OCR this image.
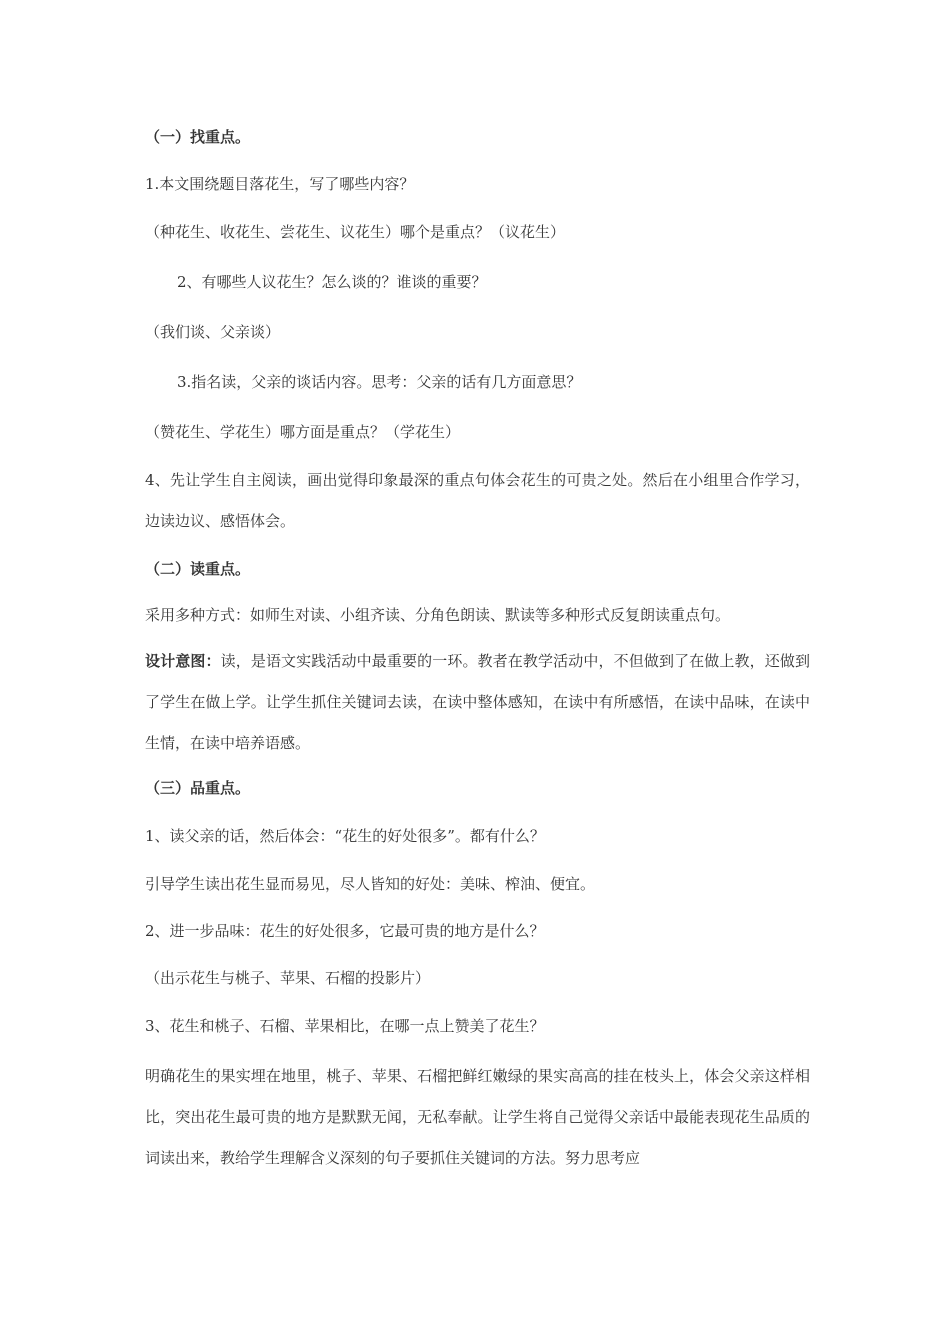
（一）找重点。
1.本文围绕题目落花生，写了哪些内容？
（种花生、收花生、尝花生、议花生）哪个是重点？（议花生）
2、有哪些人议花生？怎么谈的？谁谈的重要？
（我们谈、父亲谈）
3.指名读，父亲的谈话内容。思考：父亲的话有几方面意思？
（赞花生、学花生）哪方面是重点？（学花生）
4、先让学生自主阅读，画出觉得印象最深的重点句体会花生的可贵之处。然后在小组里合作学习，边读边议、感悟体会。
（二）读重点。
采用多种方式：如师生对读、小组齐读、分角色朗读、默读等多种形式反复朗读重点句。
设计意图：读，是语文实践活动中最重要的一环。教者在教学活动中，不但做到了在做上教，还做到了学生在做上学。让学生抓住关键词去读，在读中整体感知，在读中有所感悟，在读中品味，在读中生情，在读中培养语感。
（三）品重点。
1、读父亲的话，然后体会：“花生的好处很多”。都有什么？
引导学生读出花生显而易见，尽人皆知的好处：美味、榨油、便宜。
2、进一步品味：花生的好处很多，它最可贵的地方是什么？
（出示花生与桃子、苹果、石榴的投影片）
3、花生和桃子、石榴、苹果相比，在哪一点上赞美了花生？
明确花生的果实埋在地里，桃子、苹果、石榴把鲜红嫩绿的果实高高的挂在枝头上，体会父亲这样相比，突出花生最可贵的地方是默默无闻，无私奉献。让学生将自己觉得父亲话中最能表现花生品质的词读出来，教给学生理解含义深刻的句子要抓住关键词的方法。努力思考应
